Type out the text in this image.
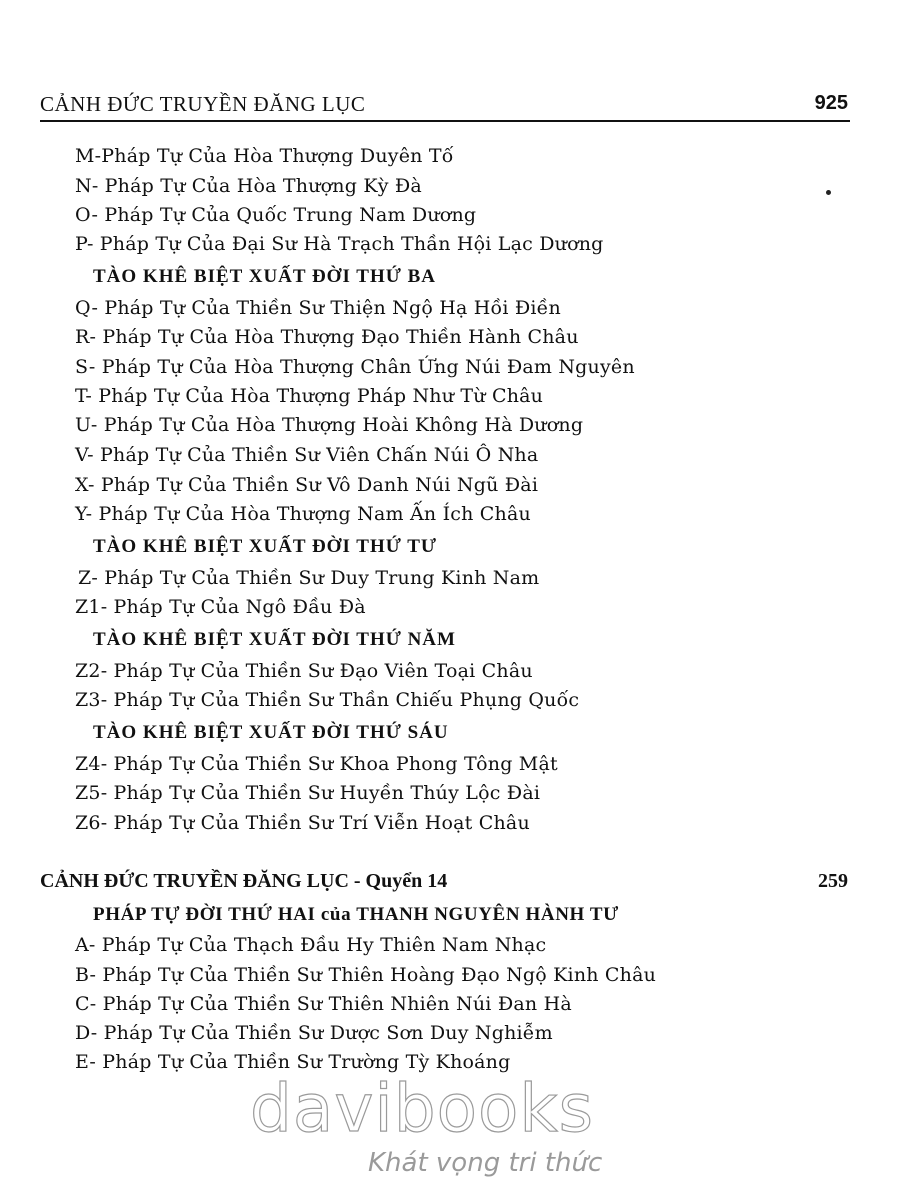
CẢNH ĐỨC TRUYỀN ĐĂNG LỤC	925
M-Pháp Tự Của Hòa Thượng Duyên Tố
N- Pháp Tự Của Hòa Thượng Kỳ Đà
O- Pháp Tự Của Quốc Trung Nam Dương
P- Pháp Tự Của Đại Sư Hà Trạch Thần Hội Lạc Dương
TÀO KHÊ BIỆT XUẤT ĐỜI THỨ BA
Q- Pháp Tự Của Thiền Sư Thiện Ngộ Hạ Hồi Điền
R- Pháp Tự Của Hòa Thượng Đạo Thiền Hành Châu
S- Pháp Tự Của Hòa Thượng Chân Ứng Núi Đam Nguyên
T- Pháp Tự Của Hòa Thượng Pháp Như Từ Châu
U- Pháp Tự Của Hòa Thượng Hoài Không Hà Dương
V- Pháp Tự Của Thiền Sư Viên Chấn Núi Ô Nha
X- Pháp Tự Của Thiền Sư Vô Danh Núi Ngũ Đài
Y- Pháp Tự Của Hòa Thượng Nam Ấn Ích Châu
TÀO KHÊ BIỆT XUẤT ĐỜI THỨ TƯ
Z- Pháp Tự Của Thiền Sư Duy Trung Kinh Nam
Z1- Pháp Tự Của Ngô Đầu Đà
TÀO KHÊ BIỆT XUẤT ĐỜI THỨ NĂM
Z2- Pháp Tự Của Thiền Sư Đạo Viên Toại Châu
Z3- Pháp Tự Của Thiền Sư Thần Chiếu Phụng Quốc
TÀO KHÊ BIỆT XUẤT ĐỜI THỨ SÁU
Z4- Pháp Tự Của Thiền Sư Khoa Phong Tông Mật
Z5- Pháp Tự Của Thiền Sư Huyền Thúy Lộc Đài
Z6- Pháp Tự Của Thiền Sư Trí Viễn Hoạt Châu
CẢNH ĐỨC TRUYỀN ĐĂNG LỤC - Quyển 14	259
PHÁP TỰ ĐỜI THỨ HAI của THANH NGUYÊN HÀNH TƯ
A- Pháp Tự Của Thạch Đầu Hy Thiên Nam Nhạc
B- Pháp Tự Của Thiền Sư Thiên Hoàng Đạo Ngộ Kinh Châu
C- Pháp Tự Của Thiền Sư Thiên Nhiên Núi Đan Hà
D- Pháp Tự Của Thiền Sư Dược Sơn Duy Nghiễm
E- Pháp Tự Của Thiền Sư Trường Tỳ Khoáng
davibooks
Khát vọng tri thức
